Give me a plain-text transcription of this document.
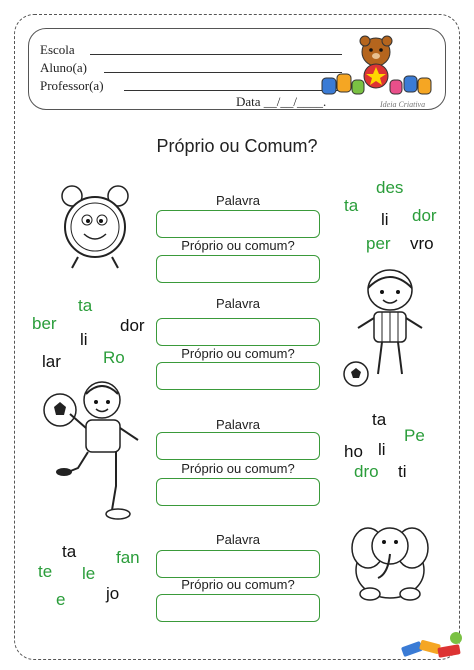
Escola
Aluno(a)
Professor(a)
Data __/__/____.	Ideia Criativa
Próprio ou Comum?
Palavra
Próprio ou comum?
des
ta
dor
li
per vro
Palavra
Próprio ou comum?
ta
ber	dor
li
lar Ro
Palavra
Próprio ou comum?
ta
Pe
ho li
dro ti
Palavra
Próprio ou comum?
ta fan
te le
jo
e
